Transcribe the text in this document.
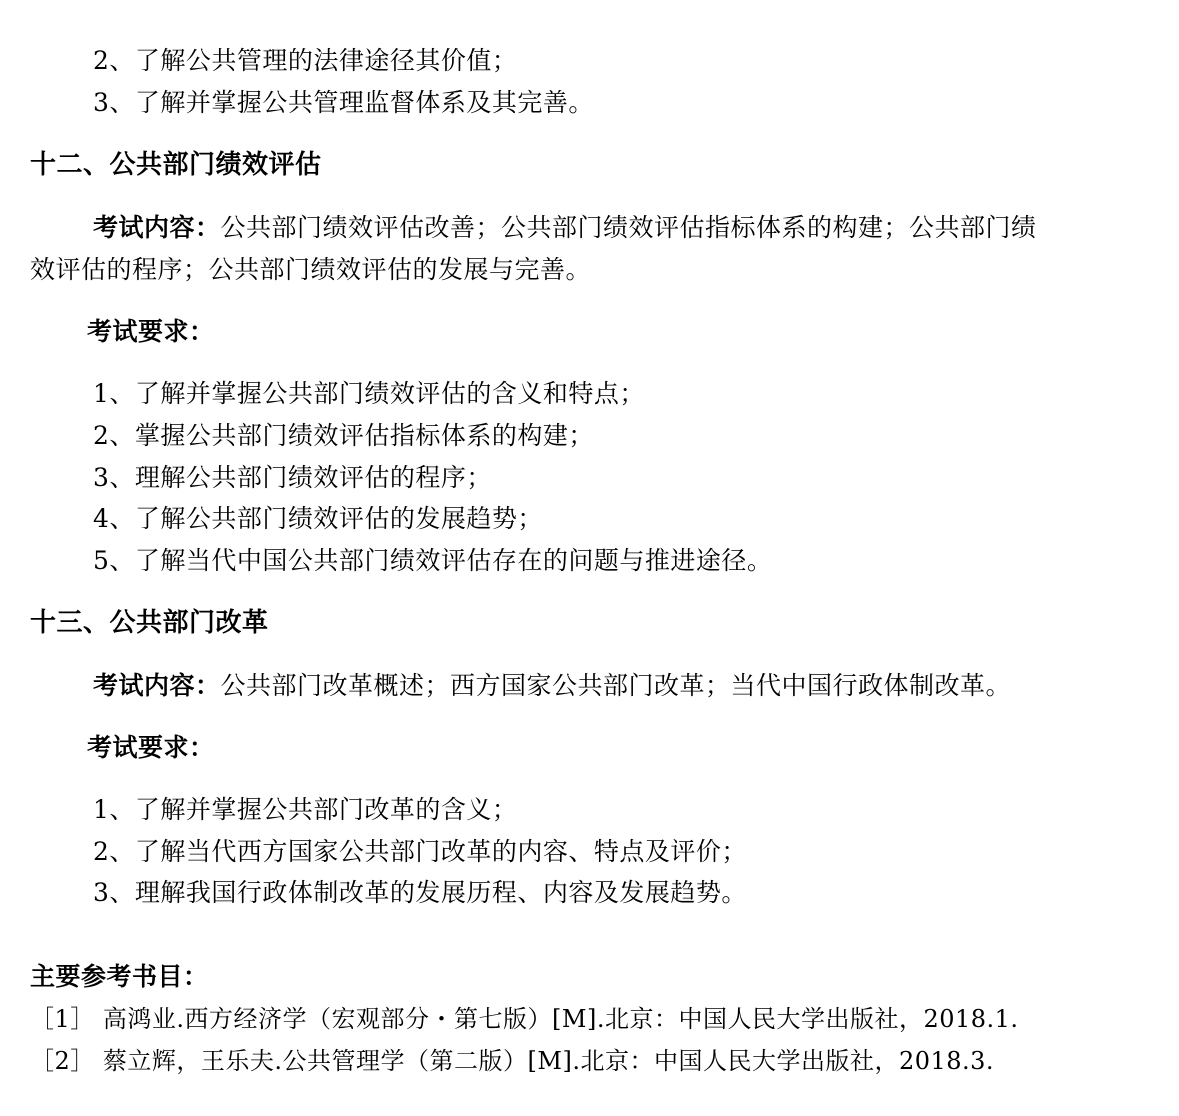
2、了解公共管理的法律途径其价值；
3、了解并掌握公共管理监督体系及其完善。
十二、公共部门绩效评估
考试内容：公共部门绩效评估改善；公共部门绩效评估指标体系的构建；公共部门绩
效评估的程序；公共部门绩效评估的发展与完善。
考试要求：
1、了解并掌握公共部门绩效评估的含义和特点；
2、掌握公共部门绩效评估指标体系的构建；
3、理解公共部门绩效评估的程序；
4、了解公共部门绩效评估的发展趋势；
5、了解当代中国公共部门绩效评估存在的问题与推进途径。
十三、公共部门改革
考试内容：公共部门改革概述；西方国家公共部门改革；当代中国行政体制改革。
考试要求：
1、了解并掌握公共部门改革的含义；
2、了解当代西方国家公共部门改革的内容、特点及评价；
3、理解我国行政体制改革的发展历程、内容及发展趋势。
主要参考书目：
［1］ 高鸿业.西方经济学（宏观部分・第七版）[M].北京：中国人民大学出版社，2018.1.
［2］ 蔡立辉，王乐夫.公共管理学（第二版）[M].北京：中国人民大学出版社，2018.3.
